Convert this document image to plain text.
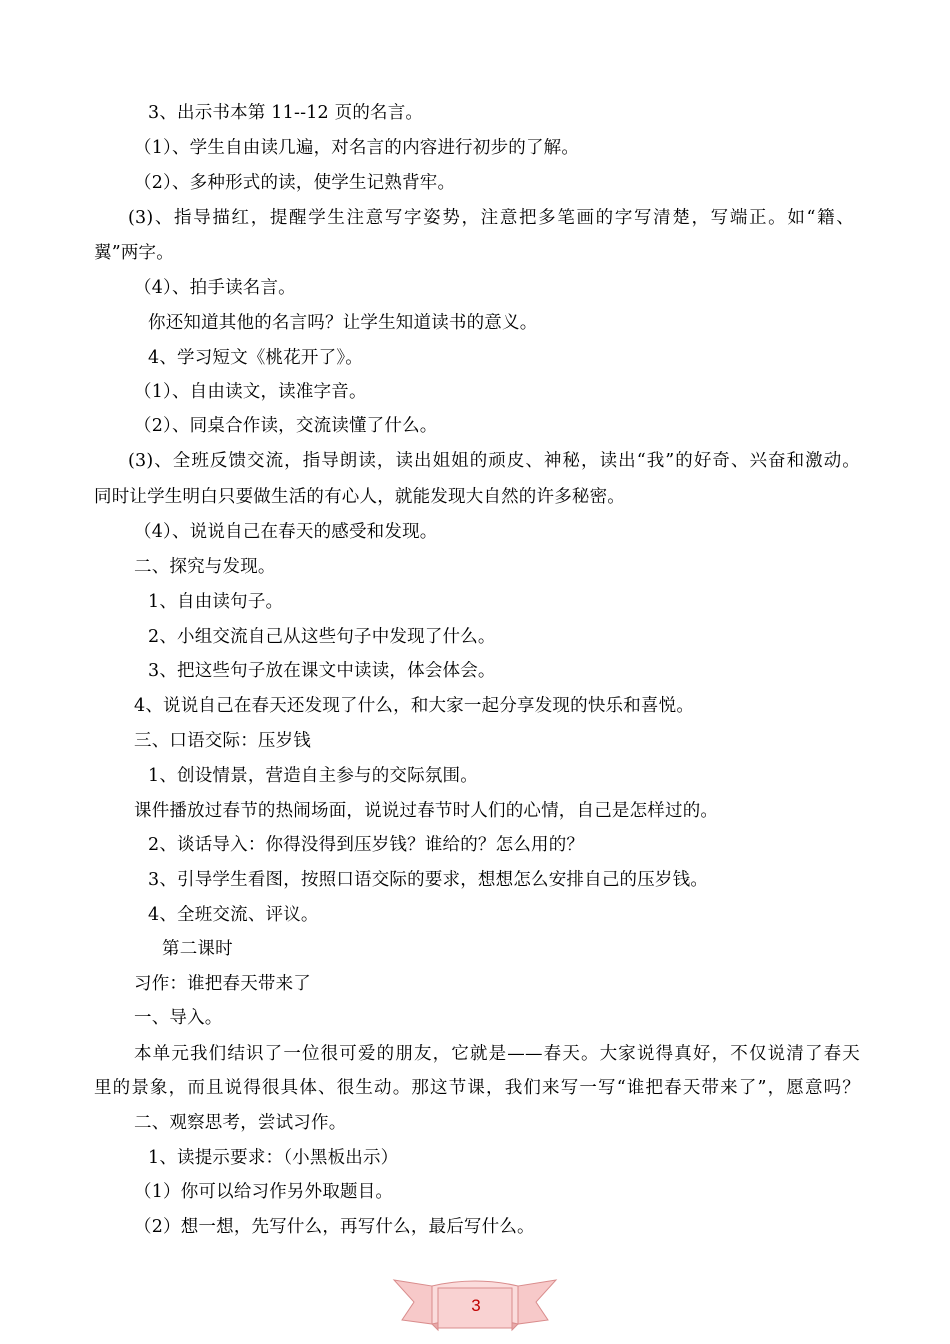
3、出示书本第 11--12 页的名言。
（1）、学生自由读几遍，对名言的内容进行初步的了解。
（2）、多种形式的读，使学生记熟背牢。
(3)、指导描红，提醒学生注意写字姿势，注意把多笔画的字写清楚，写端正。如“籍、
翼”两字。
（4）、拍手读名言。
你还知道其他的名言吗？让学生知道读书的意义。
4、学习短文《桃花开了》。
（1）、自由读文，读准字音。
（2）、同桌合作读，交流读懂了什么。
(3)、全班反馈交流，指导朗读，读出姐姐的顽皮、神秘，读出“我”的好奇、兴奋和激动。
同时让学生明白只要做生活的有心人，就能发现大自然的许多秘密。
（4）、说说自己在春天的感受和发现。
二、探究与发现。
1、自由读句子。
2、小组交流自己从这些句子中发现了什么。
3、把这些句子放在课文中读读，体会体会。
4、说说自己在春天还发现了什么，和大家一起分享发现的快乐和喜悦。
三、口语交际：压岁钱
1、创设情景，营造自主参与的交际氛围。
课件播放过春节的热闹场面，说说过春节时人们的心情，自己是怎样过的。
2、谈话导入：你得没得到压岁钱？谁给的？怎么用的？
3、引导学生看图，按照口语交际的要求，想想怎么安排自己的压岁钱。
4、全班交流、评议。
第二课时
习作：谁把春天带来了
一、导入。
本单元我们结识了一位很可爱的朋友，它就是——春天。大家说得真好，不仅说清了春天
里的景象，而且说得很具体、很生动。那这节课，我们来写一写“谁把春天带来了”，愿意吗？
二、观察思考，尝试习作。
1、读提示要求：（小黑板出示）
（1）你可以给习作另外取题目。
（2）想一想，先写什么，再写什么，最后写什么。
3
